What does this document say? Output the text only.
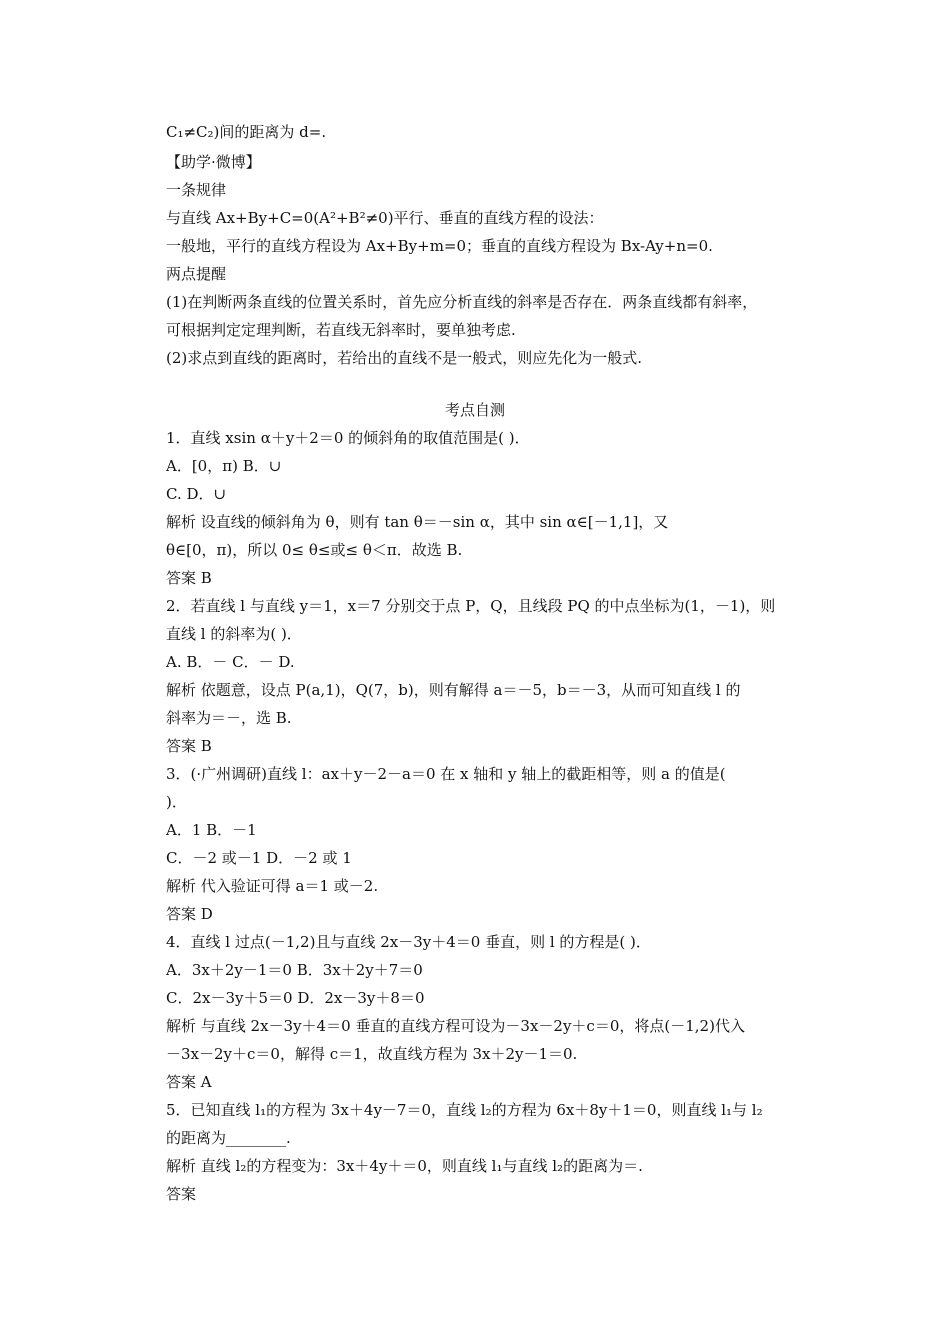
C₁≠C₂)间的距离为 d=.
【助学·微博】
一条规律
与直线 Ax+By+C=0(A²+B²≠0)平行、垂直的直线方程的设法：
一般地，平行的直线方程设为 Ax+By+m=0；垂直的直线方程设为 Bx-Ay+n=0.
两点提醒
(1)在判断两条直线的位置关系时，首先应分析直线的斜率是否存在．两条直线都有斜率，
可根据判定定理判断，若直线无斜率时，要单独考虑.
(2)求点到直线的距离时，若给出的直线不是一般式，则应先化为一般式.
考点自测
1．直线 xsin α＋y＋2＝0 的倾斜角的取值范围是( )．
A．[0，π) B．∪
C. D．∪
解析 设直线的倾斜角为 θ，则有 tan θ＝－sin α，其中 sin α∈[－1,1]，又
θ∈[0，π)，所以 0≤ θ≤或≤ θ＜π．故选 B.
答案 B
2．若直线 l 与直线 y＝1，x＝7 分别交于点 P，Q，且线段 PQ 的中点坐标为(1，－1)，则
直线 l 的斜率为( )．
A. B．－ C．－ D.
解析 依题意，设点 P(a,1)，Q(7，b)，则有解得 a＝－5，b＝－3，从而可知直线 l 的
斜率为＝－，选 B.
答案 B
3．(·广州调研)直线 l：ax＋y－2－a＝0 在 x 轴和 y 轴上的截距相等，则 a 的值是(
)．
A．1 B．－1
C．－2 或－1 D．－2 或 1
解析 代入验证可得 a＝1 或－2.
答案 D
4．直线 l 过点(－1,2)且与直线 2x－3y＋4＝0 垂直，则 l 的方程是( )．
A．3x＋2y－1＝0 B．3x＋2y＋7＝0
C．2x－3y＋5＝0 D．2x－3y＋8＝0
解析 与直线 2x－3y＋4＝0 垂直的直线方程可设为－3x－2y＋c＝0，将点(－1,2)代入
－3x－2y＋c＝0，解得 c＝1，故直线方程为 3x＋2y－1＝0.
答案 A
5．已知直线 l₁的方程为 3x＋4y－7＝0，直线 l₂的方程为 6x＋8y＋1＝0，则直线 l₁与 l₂
的距离为________.
解析 直线 l₂的方程变为：3x＋4y＋＝0，则直线 l₁与直线 l₂的距离为＝.
答案
